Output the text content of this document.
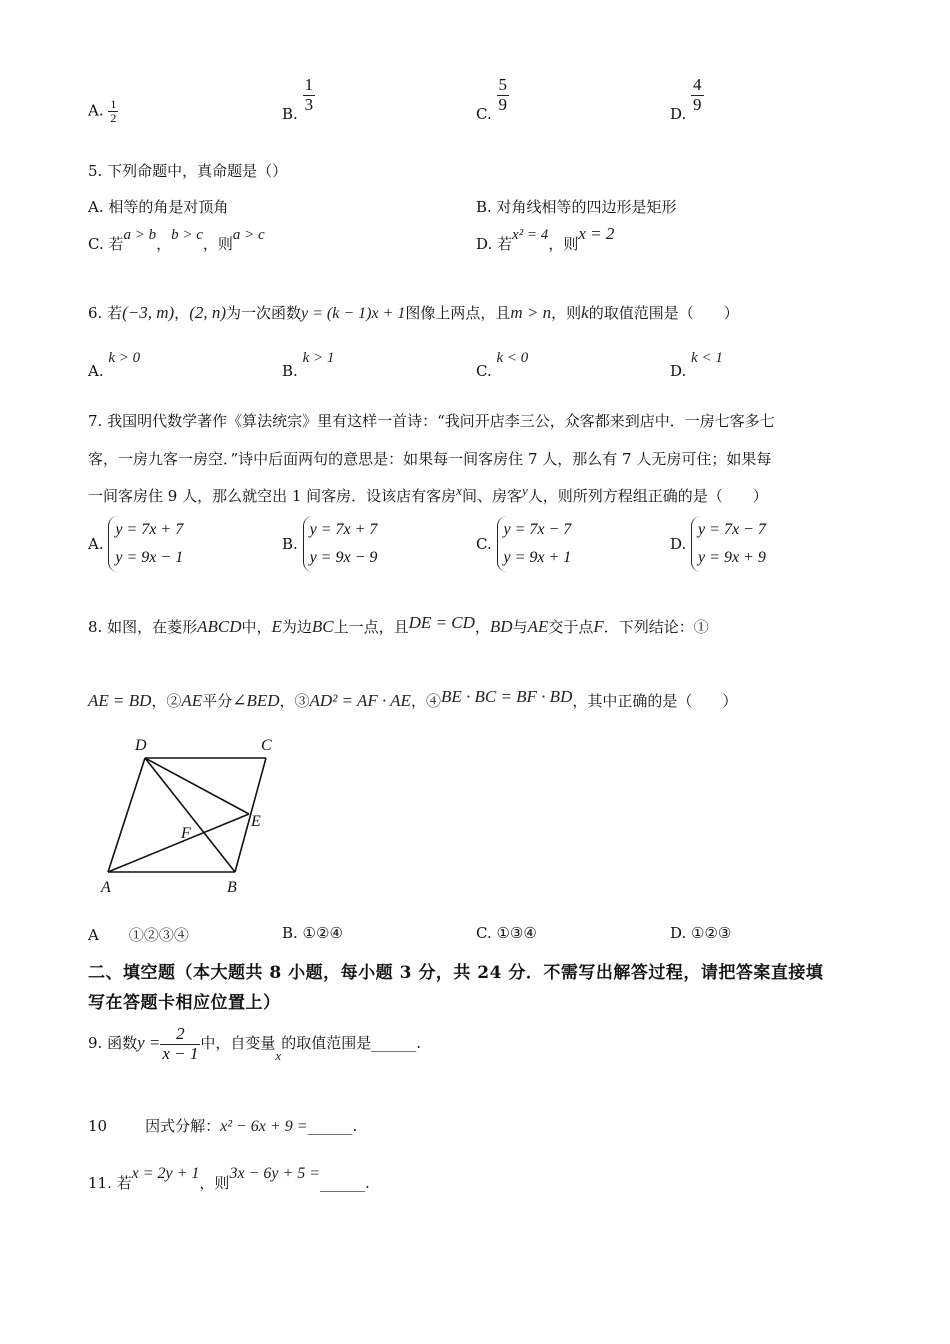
A. $\frac{1}{2}$	B. $\frac{1}{3}$	C. $\frac{5}{9}$	D. $\frac{4}{9}$
5. 下列命题中，真命题是（）
A. 相等的角是对顶角	B. 对角线相等的四边形是矩形
C. 若a > b，b > c，则a > c	D. 若x² = 4，则x = 2
6. 若(−3, m)，(2, n)为一次函数y = (k − 1)x + 1图像上两点，且m > n，则k的取值范围是（　　）
A. k > 0
B. k > 1
C. k < 0
D. k < 1
7. 我国明代数学著作《算法统宗》里有这样一首诗：“我问开店李三公，众客都来到店中．一房七客多七
客，一房九客一房空．”诗中后面两句的意思是：如果每一间客房住 7 人，那么有 7 人无房可住；如果每
一间客房住 9 人，那么就空出 1 间客房．设该店有客房x间、房客y人，则所列方程组正确的是（　　）
A.
y = 7x + 7
y = 9x − 1
B.
y = 7x + 7
y = 9x − 9
C.
y = 7x − 7
y = 9x + 1
D.
y = 7x − 7
y = 9x + 9
8. 如图，在菱形ABCD中，E为边BC上一点，且DE = CD，BD与AE交于点F．下列结论：①
AE = BD，②AE平分∠BED，③AD² = AF · AE，④BE · BC = BF · BD，其中正确的是（　　）
D	C
E
F
A	B
A　　①②③④	B. ①②④	C. ①③④	D. ①②③
二、填空题（本大题共 8 小题，每小题 3 分，共 24 分．不需写出解答过程，请把答案直接填
写在答题卡相应位置上）
9. 函数$y = \frac{2}{x - 1}$ 中，自变量x的取值范围是______.
10	因式分解：x² − 6x + 9 =______.
11. 若x = 2y + 1，则3x − 6y + 5 =______.
